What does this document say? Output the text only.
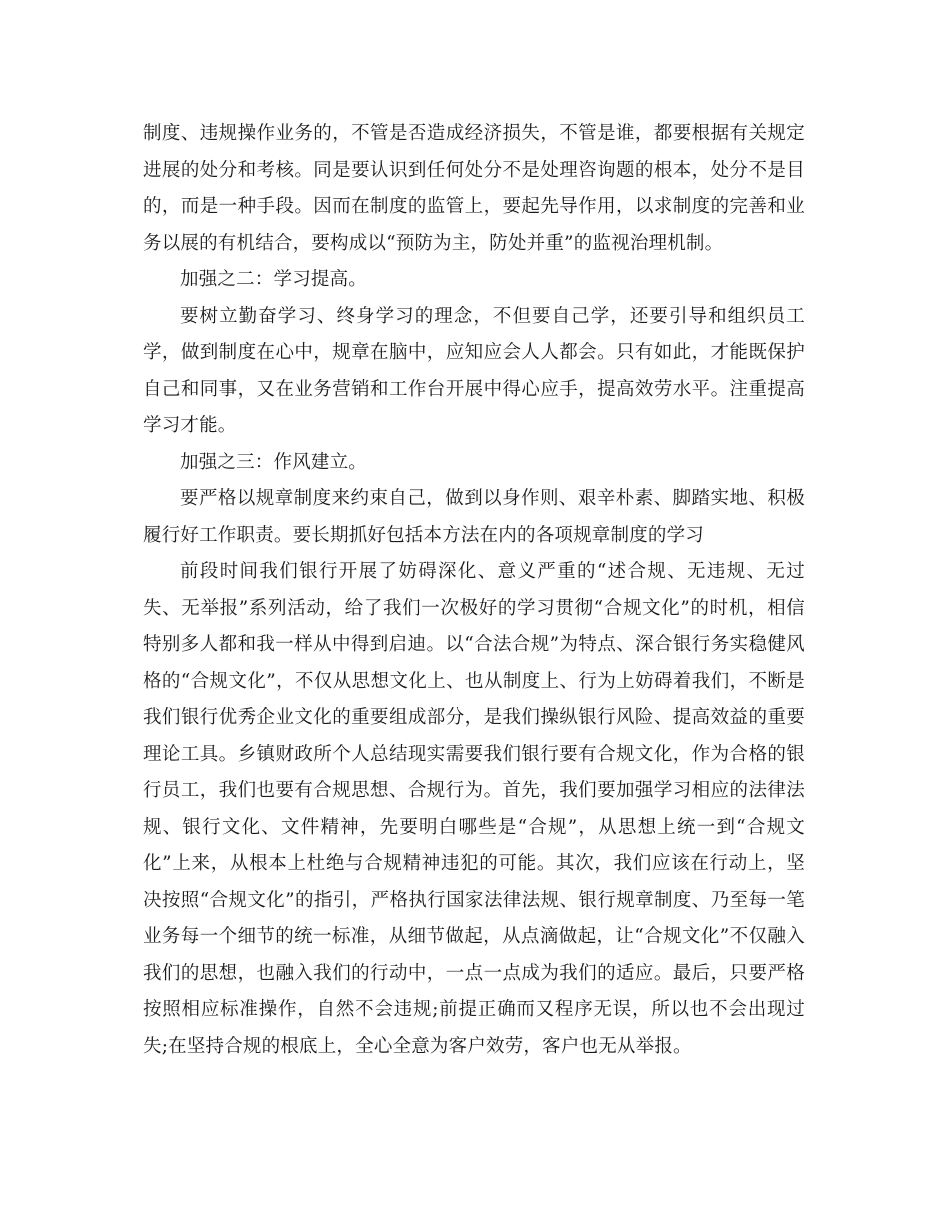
制度、违规操作业务的，不管是否造成经济损失，不管是谁，都要根据有关规定进展的处分和考核。同是要认识到任何处分不是处理咨询题的根本，处分不是目的，而是一种手段。因而在制度的监管上，要起先导作用，以求制度的完善和业务以展的有机结合，要构成以“预防为主，防处并重”的监视治理机制。

加强之二：学习提高。

要树立勤奋学习、终身学习的理念，不但要自己学，还要引导和组织员工学，做到制度在心中，规章在脑中，应知应会人人都会。只有如此，才能既保护自己和同事，又在业务营销和工作台开展中得心应手，提高效劳水平。注重提高学习才能。

加强之三：作风建立。

要严格以规章制度来约束自己，做到以身作则、艰辛朴素、脚踏实地、积极履行好工作职责。要长期抓好包括本方法在内的各项规章制度的学习

前段时间我们银行开展了妨碍深化、意义严重的“述合规、无违规、无过失、无举报”系列活动，给了我们一次极好的学习贯彻“合规文化”的时机，相信特别多人都和我一样从中得到启迪。以“合法合规”为特点、深合银行务实稳健风格的“合规文化”，不仅从思想文化上、也从制度上、行为上妨碍着我们，不断是我们银行优秀企业文化的重要组成部分，是我们操纵银行风险、提高效益的重要理论工具。乡镇财政所个人总结现实需要我们银行要有合规文化，作为合格的银行员工，我们也要有合规思想、合规行为。首先，我们要加强学习相应的法律法规、银行文化、文件精神，先要明白哪些是“合规”，从思想上统一到“合规文化”上来，从根本上杜绝与合规精神违犯的可能。其次，我们应该在行动上，坚决按照“合规文化”的指引，严格执行国家法律法规、银行规章制度、乃至每一笔业务每一个细节的统一标准，从细节做起，从点滴做起，让“合规文化”不仅融入我们的思想，也融入我们的行动中，一点一点成为我们的适应。最后，只要严格按照相应标准操作，自然不会违规;前提正确而又程序无误，所以也不会出现过失;在坚持合规的根底上，全心全意为客户效劳，客户也无从举报。
